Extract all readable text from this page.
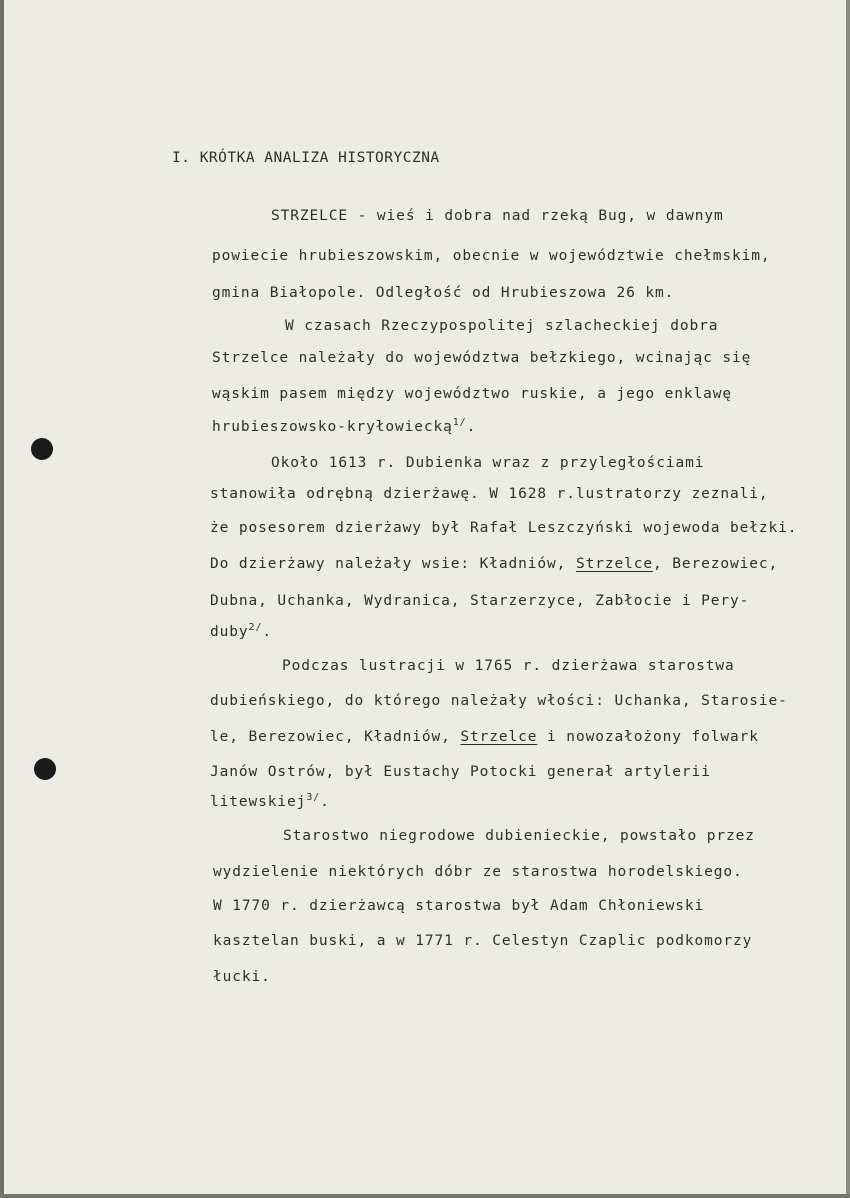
I. KRÓTKA ANALIZA HISTORYCZNA
STRZELCE - wieś i dobra nad rzeką Bug, w dawnym
powiecie hrubieszowskim, obecnie w województwie chełmskim,
gmina Białopole. Odległość od Hrubieszowa 26 km.
W czasach Rzeczypospolitej szlacheckiej dobra
Strzelce należały do województwa bełzkiego, wcinając się
wąskim pasem między województwo ruskie, a jego enklawę
hrubieszowsko-kryłowiecką$^{1/}$.
Około 1613 r. Dubienka wraz z przyległościami
stanowiła odrębną dzierżawę. W 1628 r.lustratorzy zeznali,
że posesorem dzierżawy był Rafał Leszczyński wojewoda bełzki.
Do dzierżawy należały wsie: Kładniów, Strzelce, Berezowiec,
Dubna, Uchanka, Wydranica, Starzerzyce, Zabłocie i Pery-
duby$^{2/}$.
Podczas lustracji w 1765 r. dzierżawa starostwa
dubieńskiego, do którego należały włości: Uchanka, Starosie-
le, Berezowiec, Kładniów, Strzelce i nowozałożony folwark
Janów Ostrów, był Eustachy Potocki generał artylerii
litewskiej$^{3/}$.
Starostwo niegrodowe dubienieckie, powstało przez
wydzielenie niektórych dóbr ze starostwa horodelskiego.
W 1770 r. dzierżawcą starostwa był Adam Chłoniewski
kasztelan buski, a w 1771 r. Celestyn Czaplic podkomorzy
łucki.
